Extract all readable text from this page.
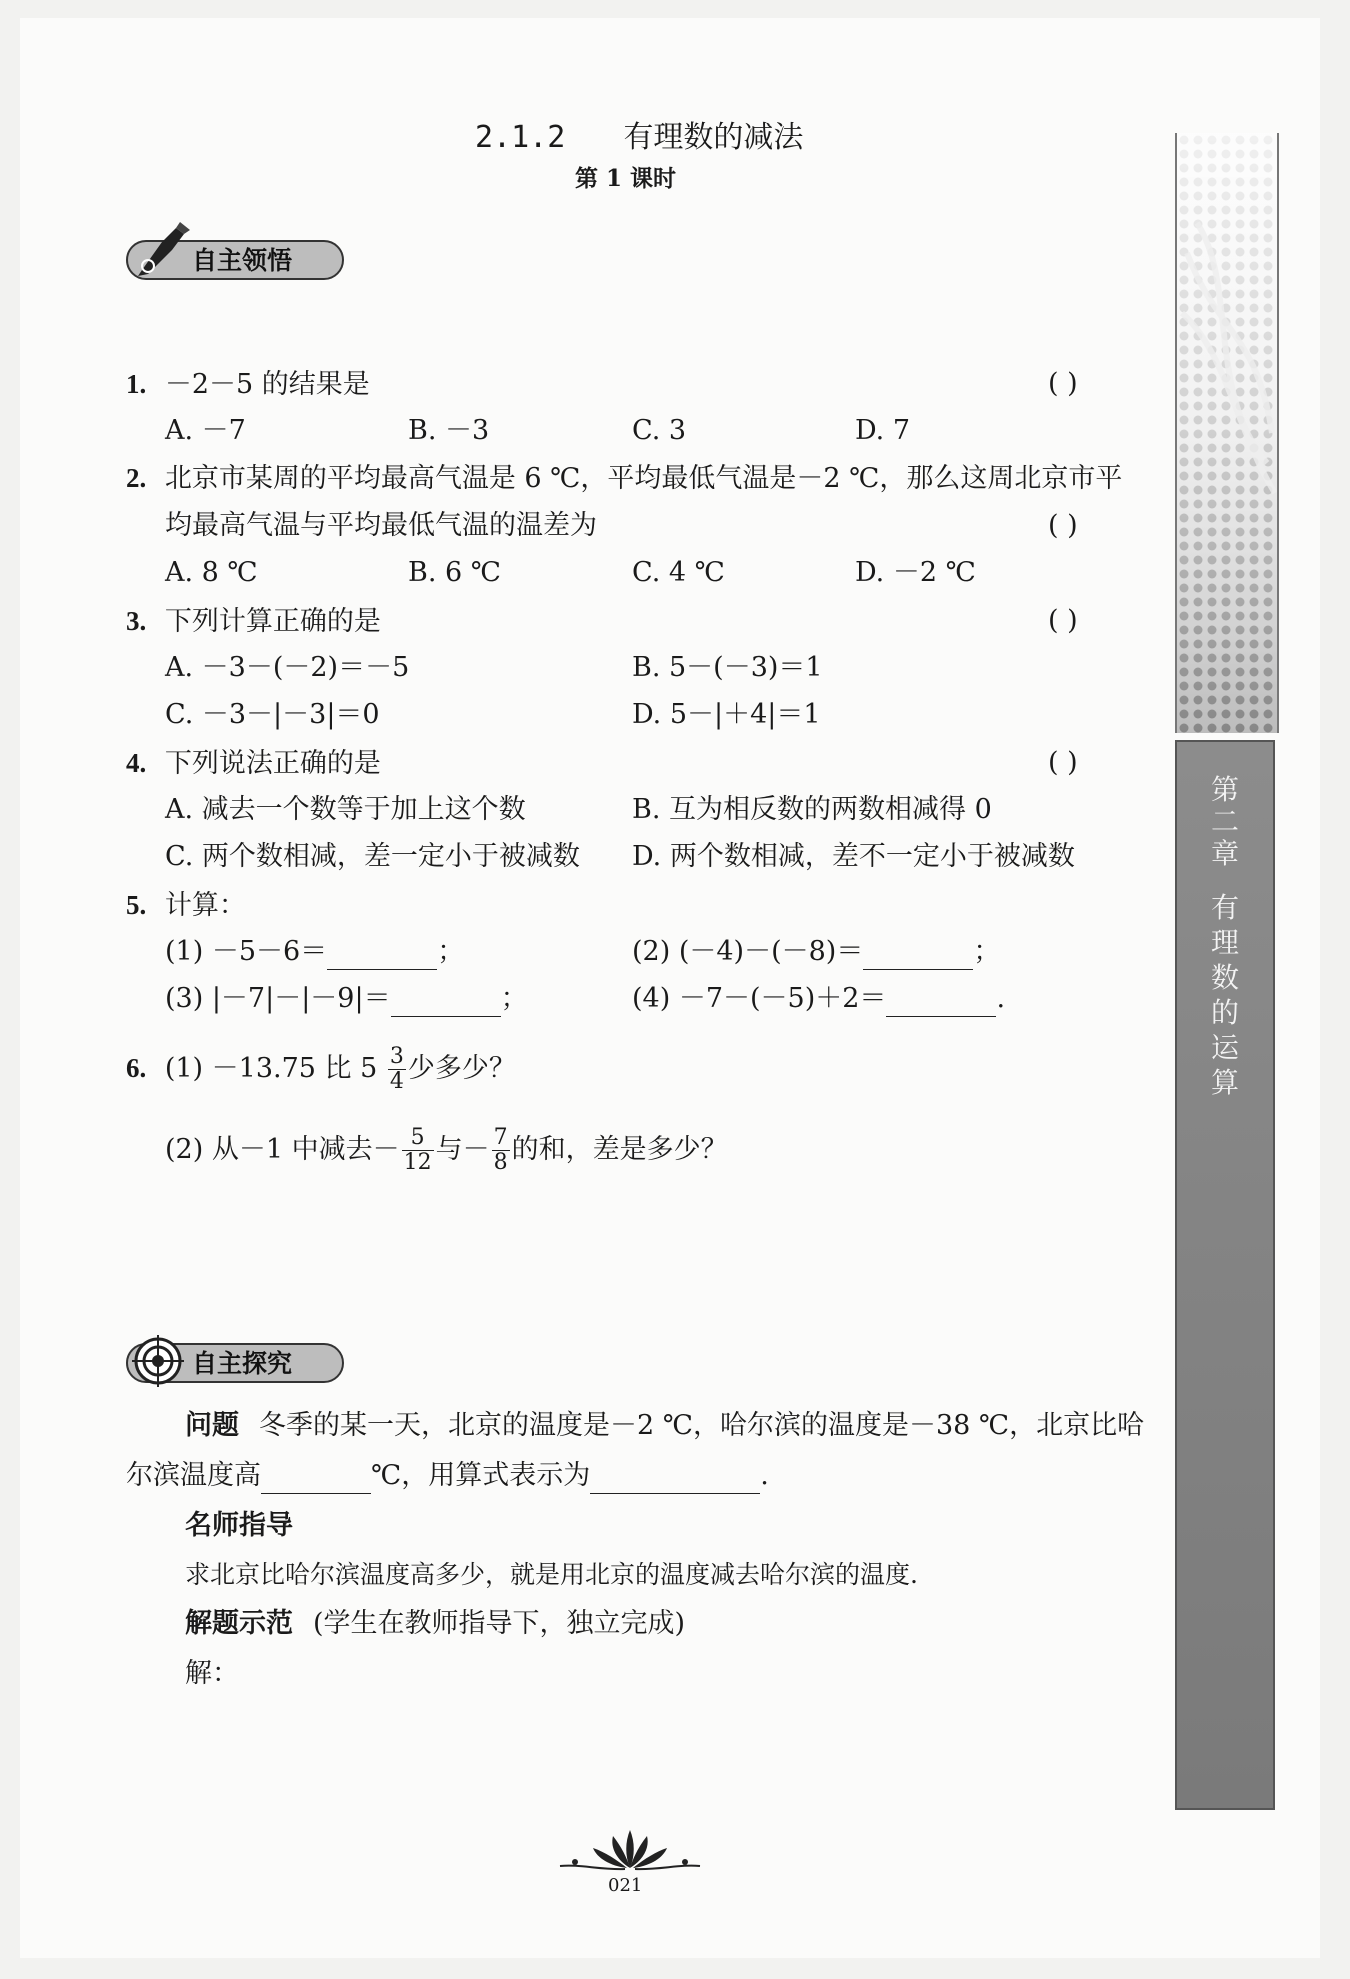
2.1.2 有理数的减法
第 1 课时
自主领悟
1. －2－5 的结果是	( )
A. －7	B. －3	C. 3	D. 7
2. 北京市某周的平均最高气温是 6 ℃，平均最低气温是－2 ℃，那么这周北京市平
均最高气温与平均最低气温的温差为	( )
A. 8 ℃	B. 6 ℃	C. 4 ℃	D. －2 ℃
3. 下列计算正确的是	( )
A. －3－(－2)＝－5	B. 5－(－3)＝1
C. －3－|－3|＝0	D. 5－|＋4|＝1
4. 下列说法正确的是	( )
A. 减去一个数等于加上这个数	B. 互为相反数的两数相减得 0
C. 两个数相减，差一定小于被减数 D. 两个数相减，差不一定小于被减数
5. 计算：
(1) －5－6＝	；	(2) (－4)－(－8)＝	；
(3) |－7|－|－9|＝	；	(4) －7－(－5)＋2＝	.
6. (1) －13.75 比 $5 \frac{3}{4}$ 少多少？
(2) 从－1 中减去－ $\frac{5}{12}$ 与－ $\frac{7}{8}$ 的和，差是多少？
自主探究
问题 冬季的某一天，北京的温度是－2 ℃，哈尔滨的温度是－38 ℃，北京比哈
尔滨温度高	℃，用算式表示为	.
名师指导
求北京比哈尔滨温度高多少，就是用北京的温度减去哈尔滨的温度.
解题示范 (学生在教师指导下，独立完成)
解：
第
二
章
有
理
数
的
运
算
021
